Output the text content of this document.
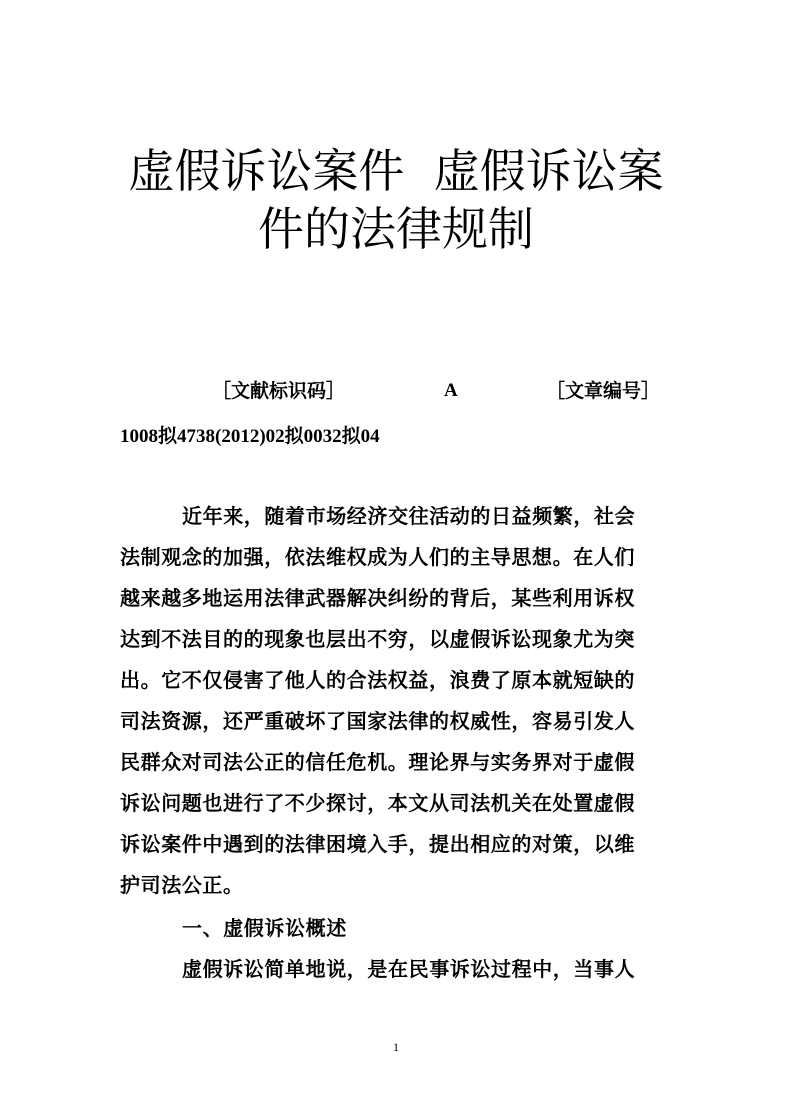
虚假诉讼案件  虚假诉讼案
件的法律规制
［文献标识码］	A	［文章编号］
1008拟4738(2012)02拟0032拟04
近年来，随着市场经济交往活动的日益频繁，社会
法制观念的加强，依法维权成为人们的主导思想。在人们
越来越多地运用法律武器解决纠纷的背后，某些利用诉权
达到不法目的的现象也层出不穷，以虚假诉讼现象尤为突
出。它不仅侵害了他人的合法权益，浪费了原本就短缺的
司法资源，还严重破坏了国家法律的权威性，容易引发人
民群众对司法公正的信任危机。理论界与实务界对于虚假
诉讼问题也进行了不少探讨，本文从司法机关在处置虚假
诉讼案件中遇到的法律困境入手，提出相应的对策，以维
护司法公正。
一、虚假诉讼概述
虚假诉讼简单地说，是在民事诉讼过程中，当事人
1
